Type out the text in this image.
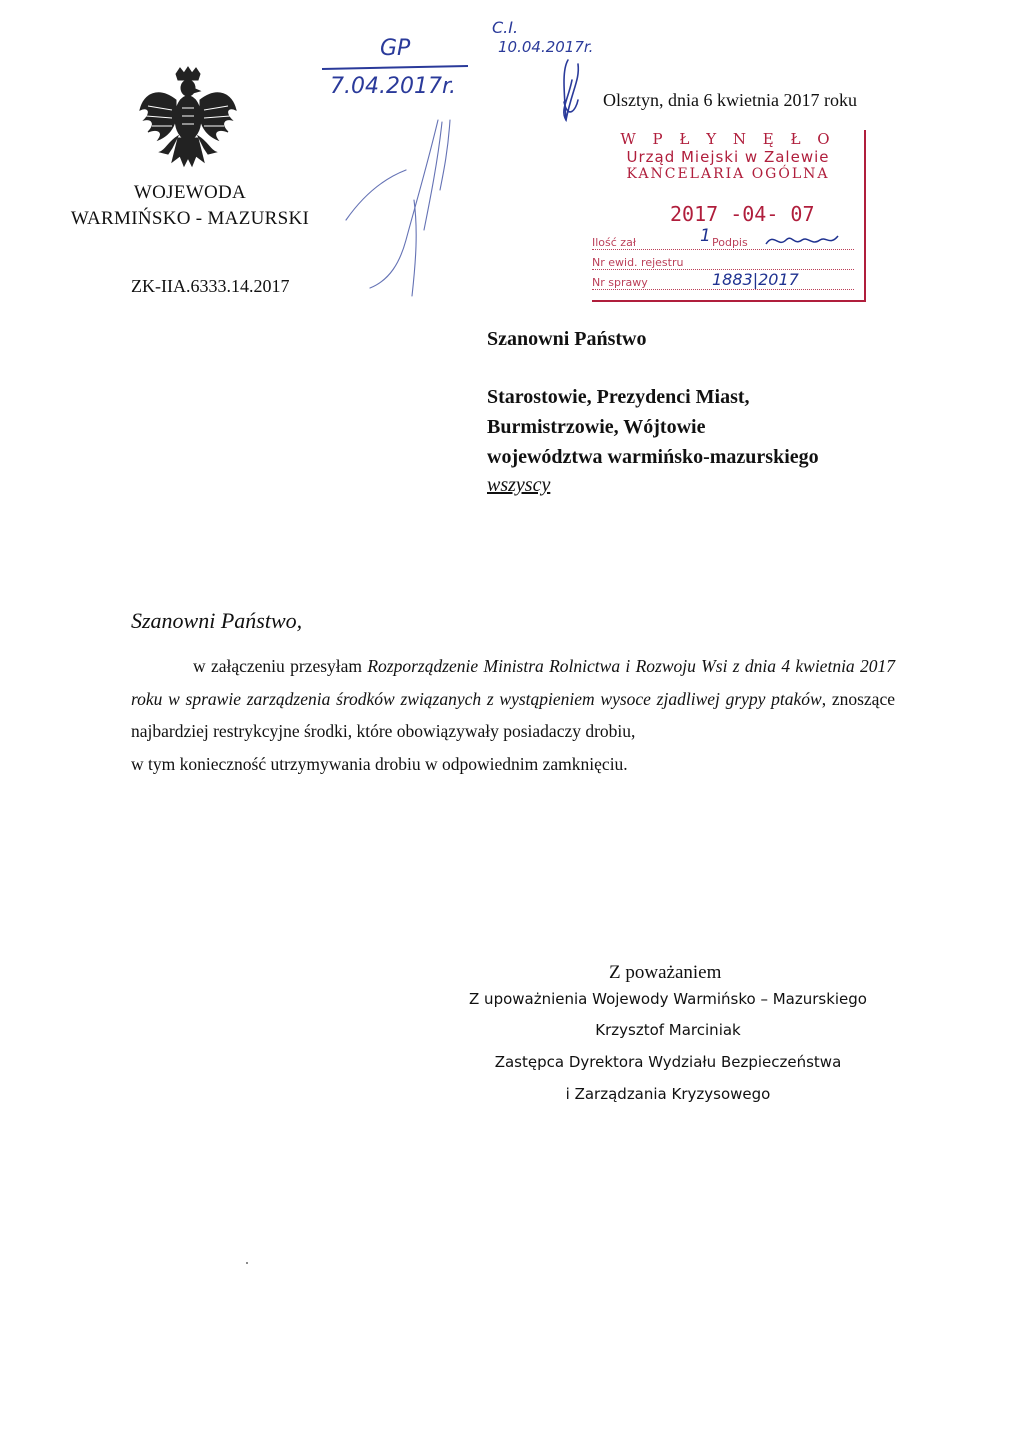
WOJEWODA
WARMIŃSKO - MAZURSKI
ZK-IIA.6333.14.2017
GP
7.04.2017r.
C.I.
10.04.2017r.
Olsztyn, dnia 6 kwietnia 2017 roku
W P Ł Y N Ę Ł O
Urząd Miejski w Zalewie
KANCELARIA OGÓLNA
2017 -04- 07
Ilość zał	Podpis
Nr ewid. rejestru
Nr sprawy
1
1883|2017
Szanowni Państwo
Starostowie, Prezydenci Miast,
Burmistrzowie, Wójtowie
województwa warmińsko-mazurskiego
wszyscy
Szanowni Państwo,
w załączeniu przesyłam Rozporządzenie Ministra Rolnictwa i Rozwoju Wsi z dnia 4 kwietnia 2017 roku w sprawie zarządzenia środków związanych z wystąpieniem wysoce zjadliwej grypy ptaków, znoszące najbardziej restrykcyjne środki, które obowiązywały posiadaczy drobiu,
w tym konieczność utrzymywania drobiu w odpowiednim zamknięciu.
Z poważaniem
Z upoważnienia Wojewody Warmińsko – Mazurskiego
Krzysztof Marciniak
Zastępca Dyrektora Wydziału Bezpieczeństwa
i Zarządzania Kryzysowego
